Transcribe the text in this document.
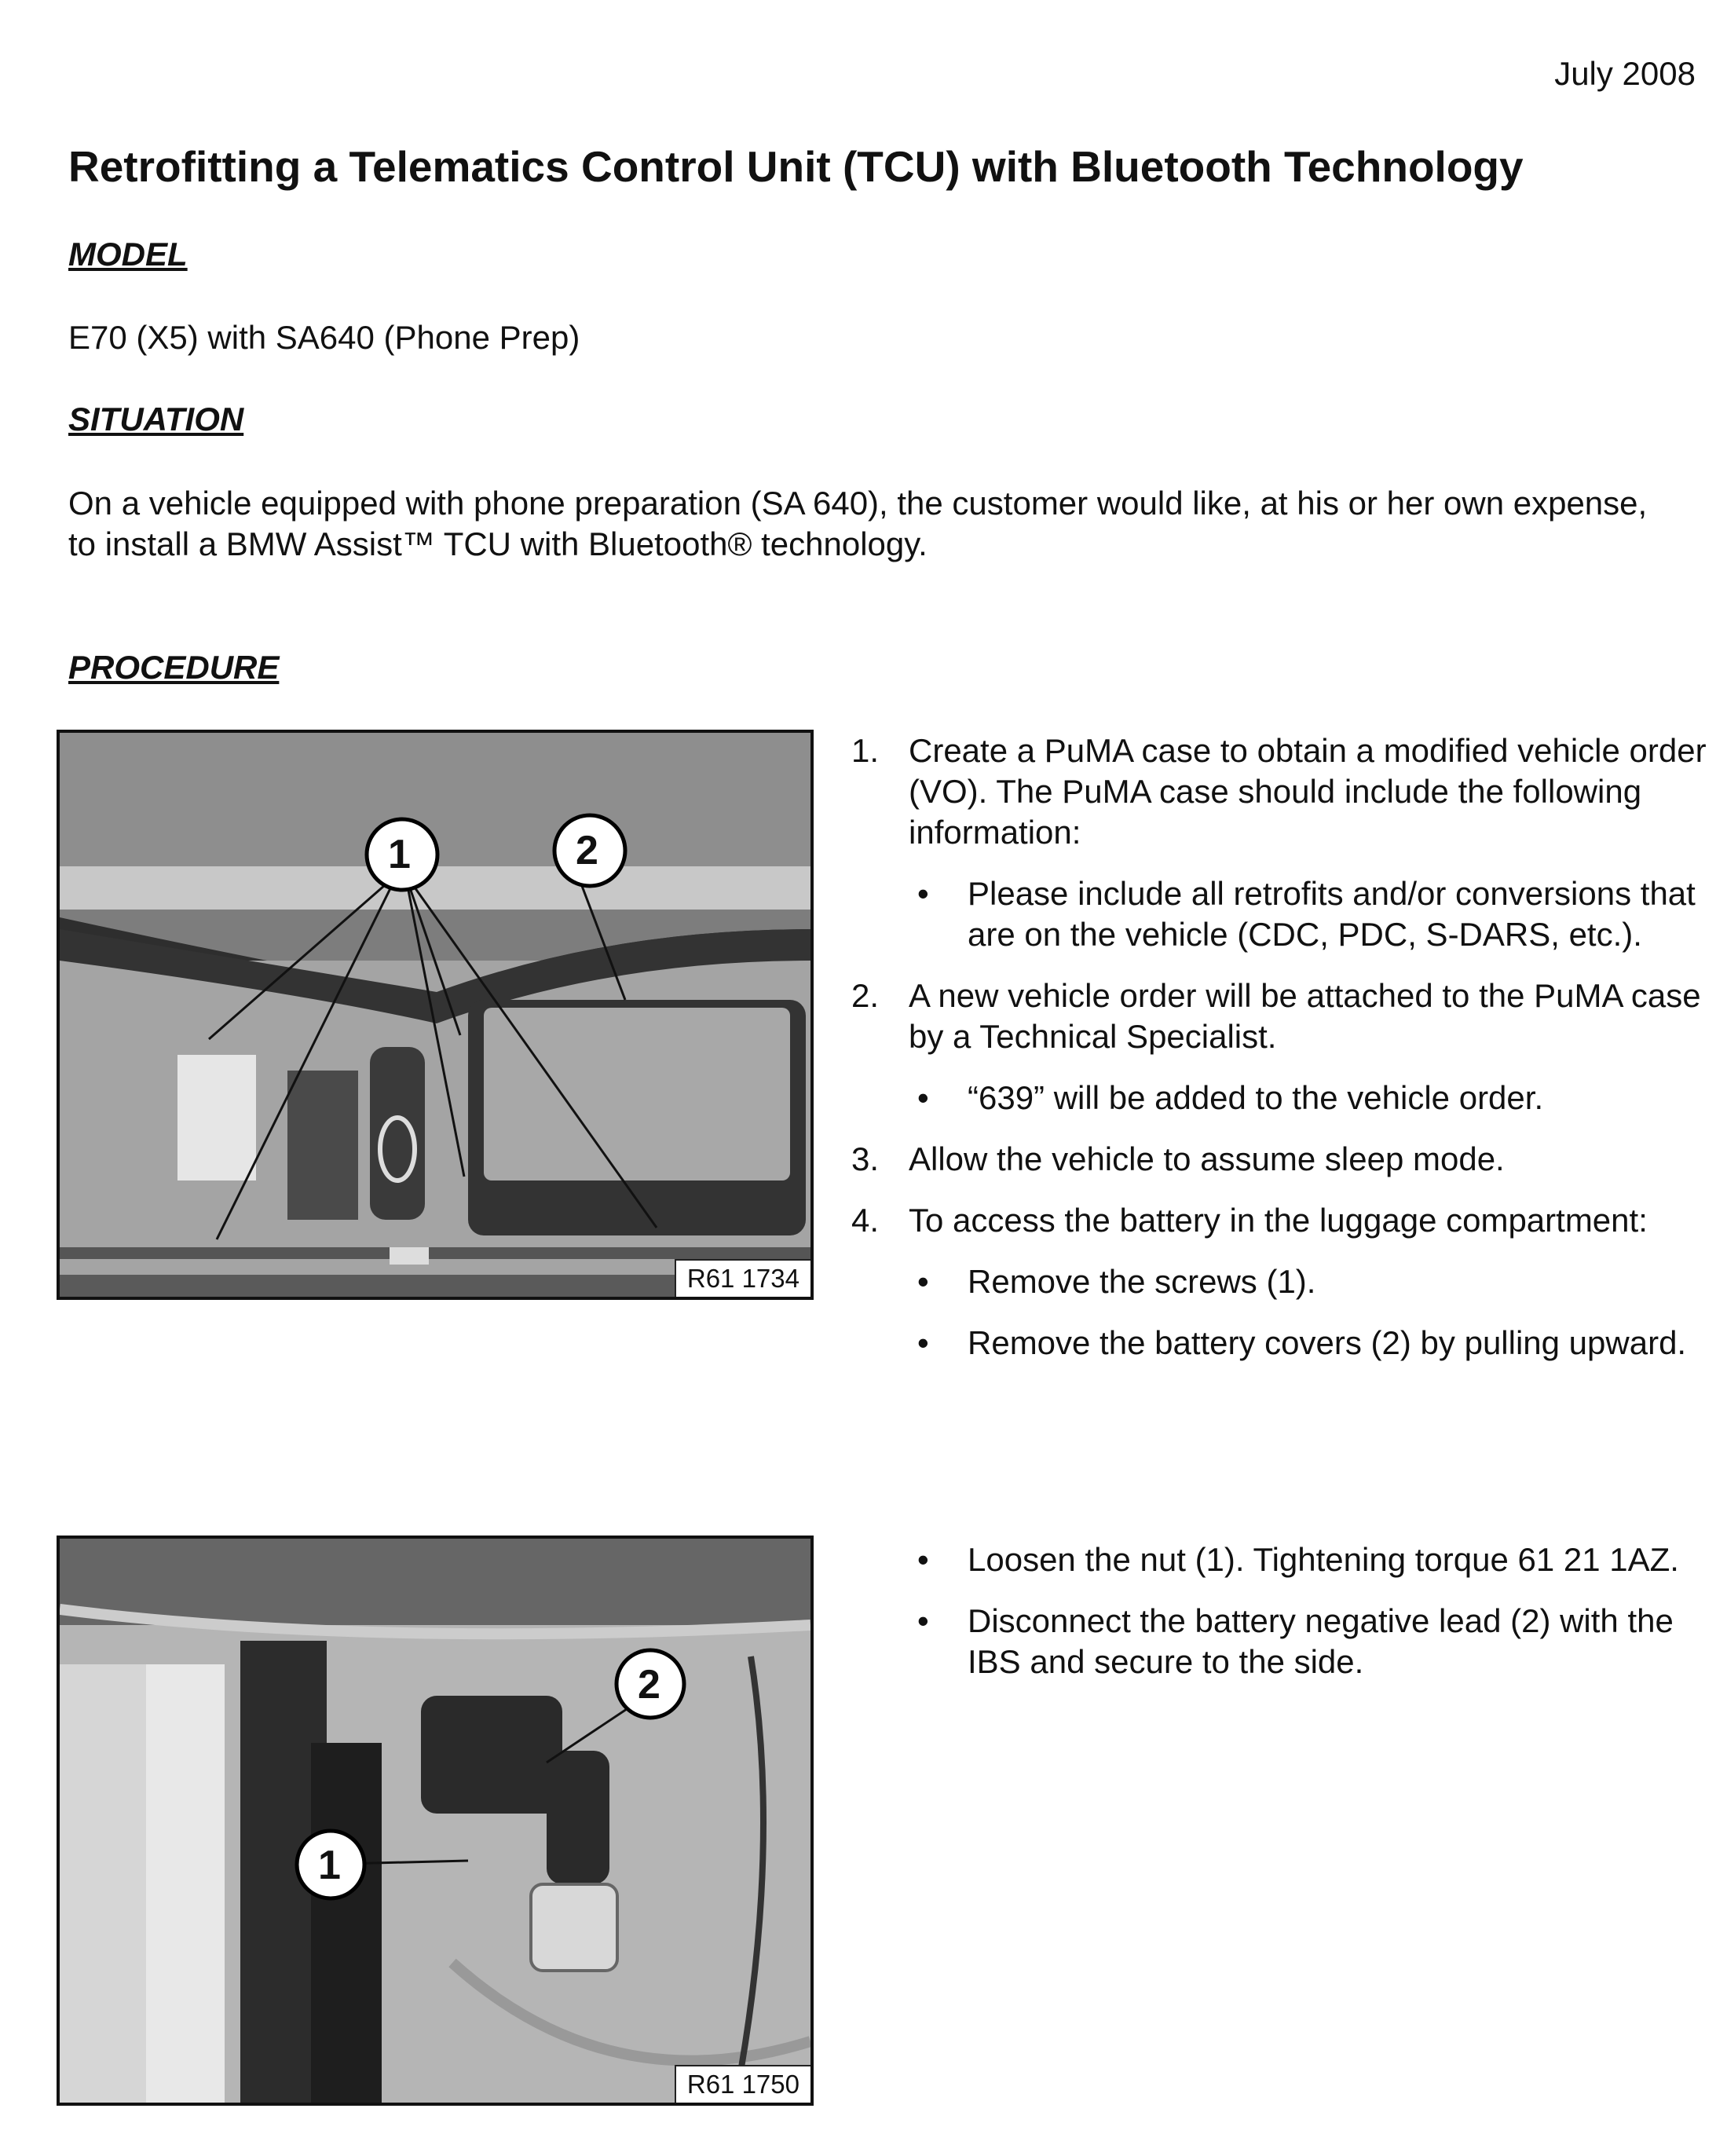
July 2008
Retrofitting a Telematics Control Unit (TCU) with Bluetooth Technology
MODEL
E70 (X5) with SA640 (Phone Prep)
SITUATION
On a vehicle equipped with phone preparation (SA 640), the customer would like, at his or her own expense, to install a BMW Assist™ TCU with Bluetooth® technology.
PROCEDURE
1	2
R61 1734
1. Create a PuMA case to obtain a modified vehicle order (VO). The PuMA case should include the following information:
• Please include all retrofits and/or conversions that are on the vehicle (CDC, PDC, S-DARS, etc.).
2. A new vehicle order will be attached to the PuMA case by a Technical Specialist.
• “639” will be added to the vehicle order.
3. Allow the vehicle to assume sleep mode.
4. To access the battery in the luggage compartment:
• Remove the screws (1).
• Remove the battery covers (2) by pulling upward.
1
2
R61 1750
• Loosen the nut (1). Tightening torque 61 21 1AZ.
• Disconnect the battery negative lead (2) with the IBS and secure to the side.
